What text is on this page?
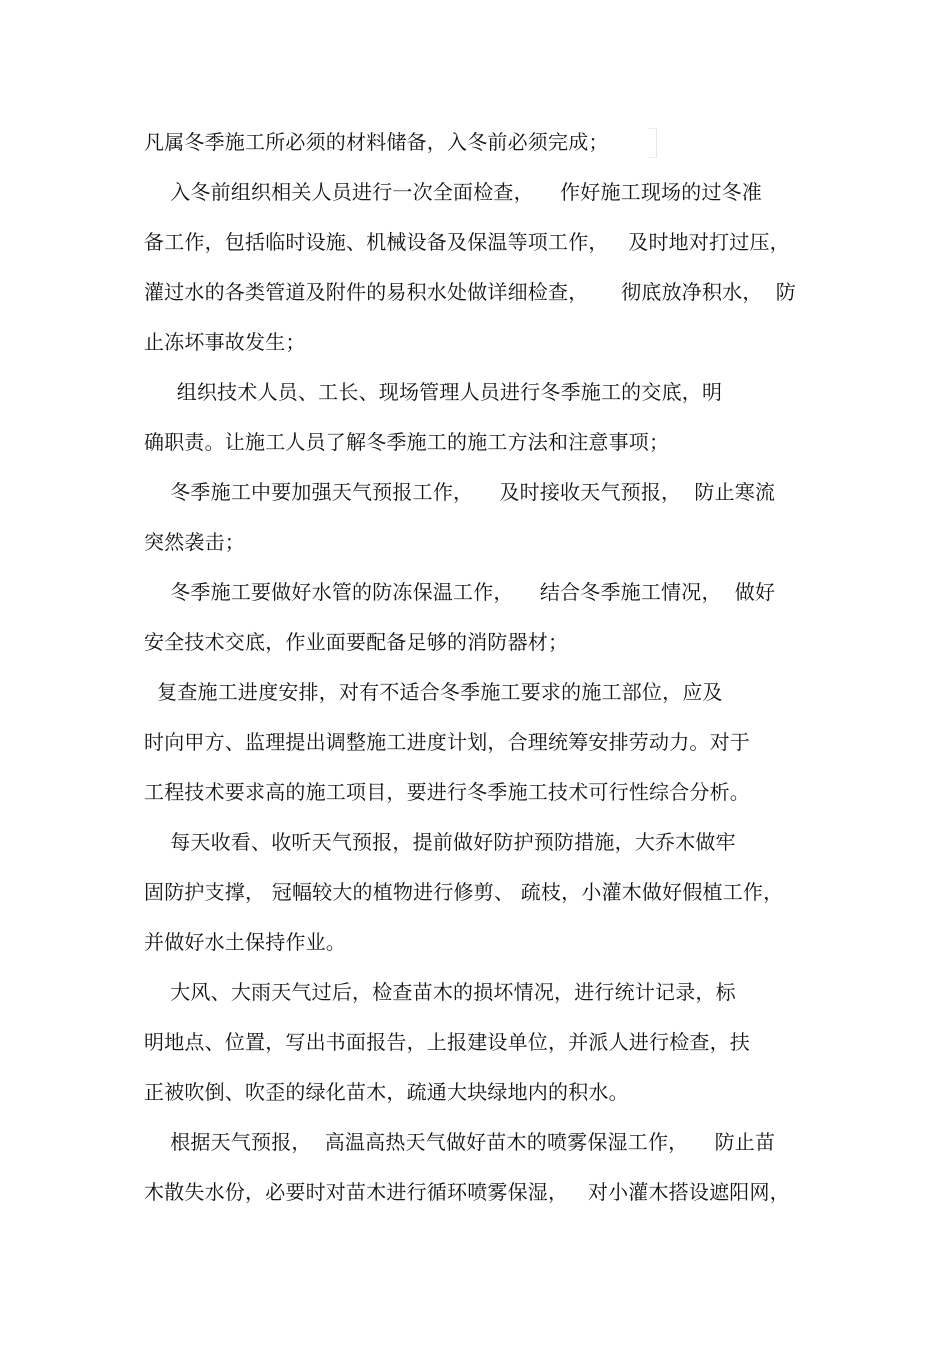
凡属冬季施工所必须的材料储备，入冬前必须完成；
入冬前组织相关人员进行一次全面检查，    作好施工现场的过冬准
备工作，包括临时设施、机械设备及保温等项工作，   及时地对打过压，
灌过水的各类管道及附件的易积水处做详细检查，     彻底放净积水，  防
止冻坏事故发生；
组织技术人员、工长、现场管理人员进行冬季施工的交底，明
确职责。让施工人员了解冬季施工的施工方法和注意事项；
冬季施工中要加强天气预报工作，    及时接收天气预报，  防止寒流
突然袭击；
冬季施工要做好水管的防冻保温工作，    结合冬季施工情况，  做好
安全技术交底，作业面要配备足够的消防器材；
复查施工进度安排，对有不适合冬季施工要求的施工部位，应及
时向甲方、监理提出调整施工进度计划，合理统筹安排劳动力。对于
工程技术要求高的施工项目，要进行冬季施工技术可行性综合分析。
每天收看、收听天气预报，提前做好防护预防措施，大乔木做牢
固防护支撑， 冠幅较大的植物进行修剪、 疏枝，小灌木做好假植工作，
并做好水土保持作业。
大风、大雨天气过后，检查苗木的损坏情况，进行统计记录，标
明地点、位置，写出书面报告，上报建设单位，并派人进行检查，扶
正被吹倒、吹歪的绿化苗木，疏通大块绿地内的积水。
根据天气预报，  高温高热天气做好苗木的喷雾保湿工作，    防止苗
木散失水份，必要时对苗木进行循环喷雾保湿，   对小灌木搭设遮阳网，
